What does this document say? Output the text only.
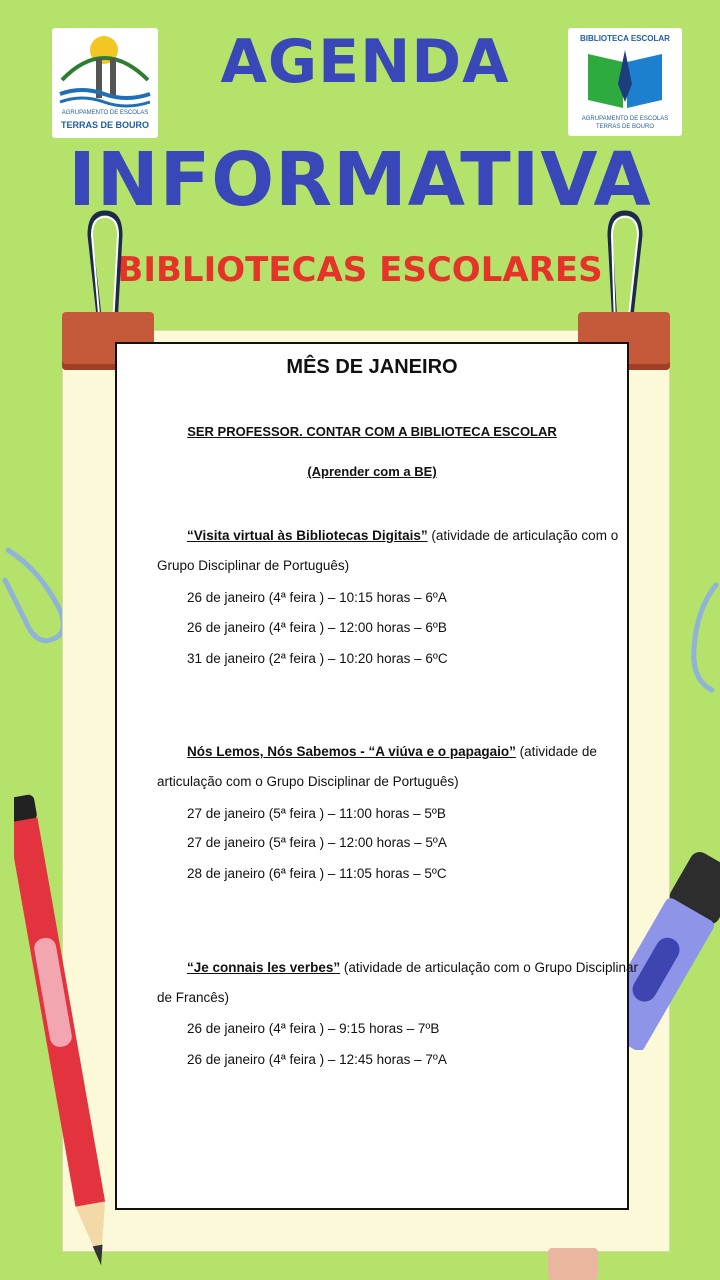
AGRUPAMENTO DE ESCOLAS
TERRAS DE BOURO
BIBLIOTECA ESCOLAR
AGRUPAMENTO DE ESCOLAS
TERRAS DE BOURO
AGENDA
INFORMATIVA
BIBLIOTECAS ESCOLARES
MÊS DE JANEIRO
SER PROFESSOR. CONTAR COM A BIBLIOTECA ESCOLAR
(Aprender com a BE)
“Visita virtual às Bibliotecas Digitais” (atividade de articulação com o
Grupo Disciplinar de Português)
26 de janeiro (4ª feira ) – 10:15 horas – 6ºA
26 de janeiro (4ª feira ) – 12:00 horas – 6ºB
31 de janeiro (2ª feira ) – 10:20 horas – 6ºC
Nós Lemos, Nós Sabemos - “A viúva e o papagaio” (atividade de
articulação com o Grupo Disciplinar de Português)
27 de janeiro (5ª feira ) – 11:00 horas – 5ºB
27 de janeiro (5ª feira ) – 12:00 horas – 5ºA
28 de janeiro (6ª feira ) – 11:05 horas – 5ºC
“Je connais les verbes” (atividade de articulação com o Grupo Disciplinar
de Francês)
26 de janeiro (4ª feira ) – 9:15 horas – 7ºB
26 de janeiro (4ª feira ) – 12:45 horas – 7ºA
